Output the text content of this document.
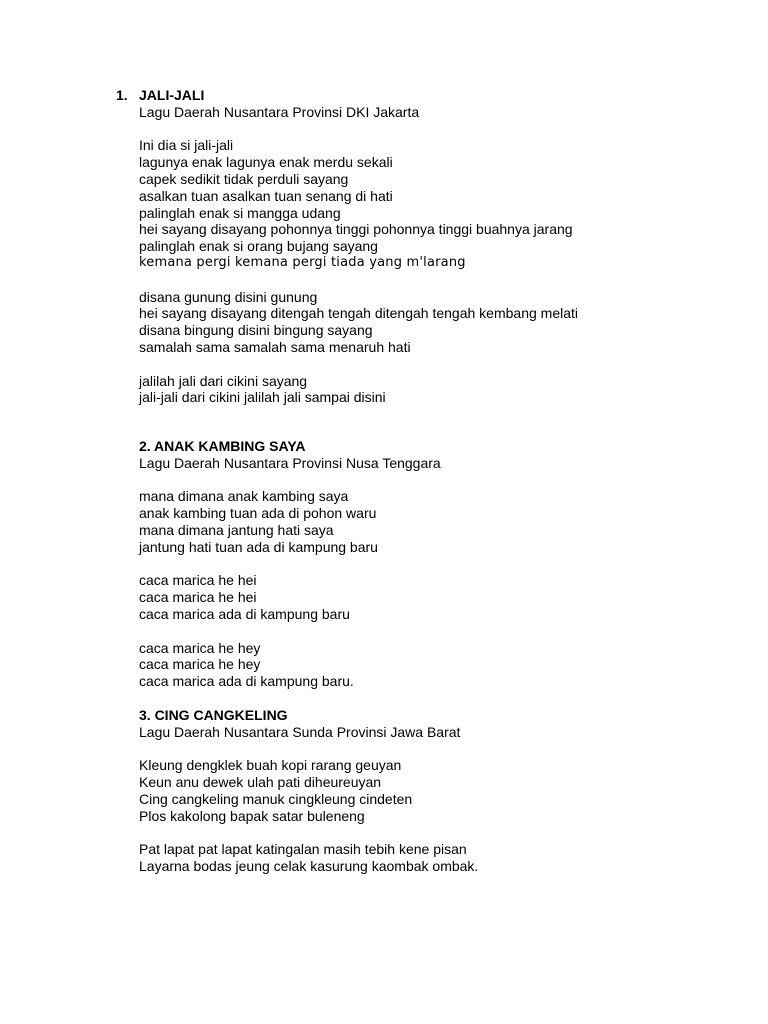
1. JALI-JALI
Lagu Daerah Nusantara Provinsi DKI Jakarta
Ini dia si jali-jali
lagunya enak lagunya enak merdu sekali
capek sedikit tidak perduli sayang
asalkan tuan asalkan tuan senang di hati
palinglah enak si mangga udang
hei sayang disayang pohonnya tinggi pohonnya tinggi buahnya jarang
palinglah enak si orang bujang sayang
kemana pergi kemana pergi tiada yang m'larang
disana gunung disini gunung
hei sayang disayang ditengah tengah ditengah tengah kembang melati
disana bingung disini bingung sayang
samalah sama samalah sama menaruh hati
jalilah jali dari cikini sayang
jali-jali dari cikini jalilah jali sampai disini
2. ANAK KAMBING SAYA
Lagu Daerah Nusantara Provinsi Nusa Tenggara
mana dimana anak kambing saya
anak kambing tuan ada di pohon waru
mana dimana jantung hati saya
jantung hati tuan ada di kampung baru
caca marica he hei
caca marica he hei
caca marica ada di kampung baru
caca marica he hey
caca marica he hey
caca marica ada di kampung baru.
3. CING CANGKELING
Lagu Daerah Nusantara Sunda Provinsi Jawa Barat
Kleung dengklek buah kopi rarang geuyan
Keun anu dewek ulah pati diheureuyan
Cing cangkeling manuk cingkleung cindeten
Plos kakolong bapak satar buleneng
Pat lapat pat lapat katingalan masih tebih kene pisan
Layarna bodas jeung celak kasurung kaombak ombak.
